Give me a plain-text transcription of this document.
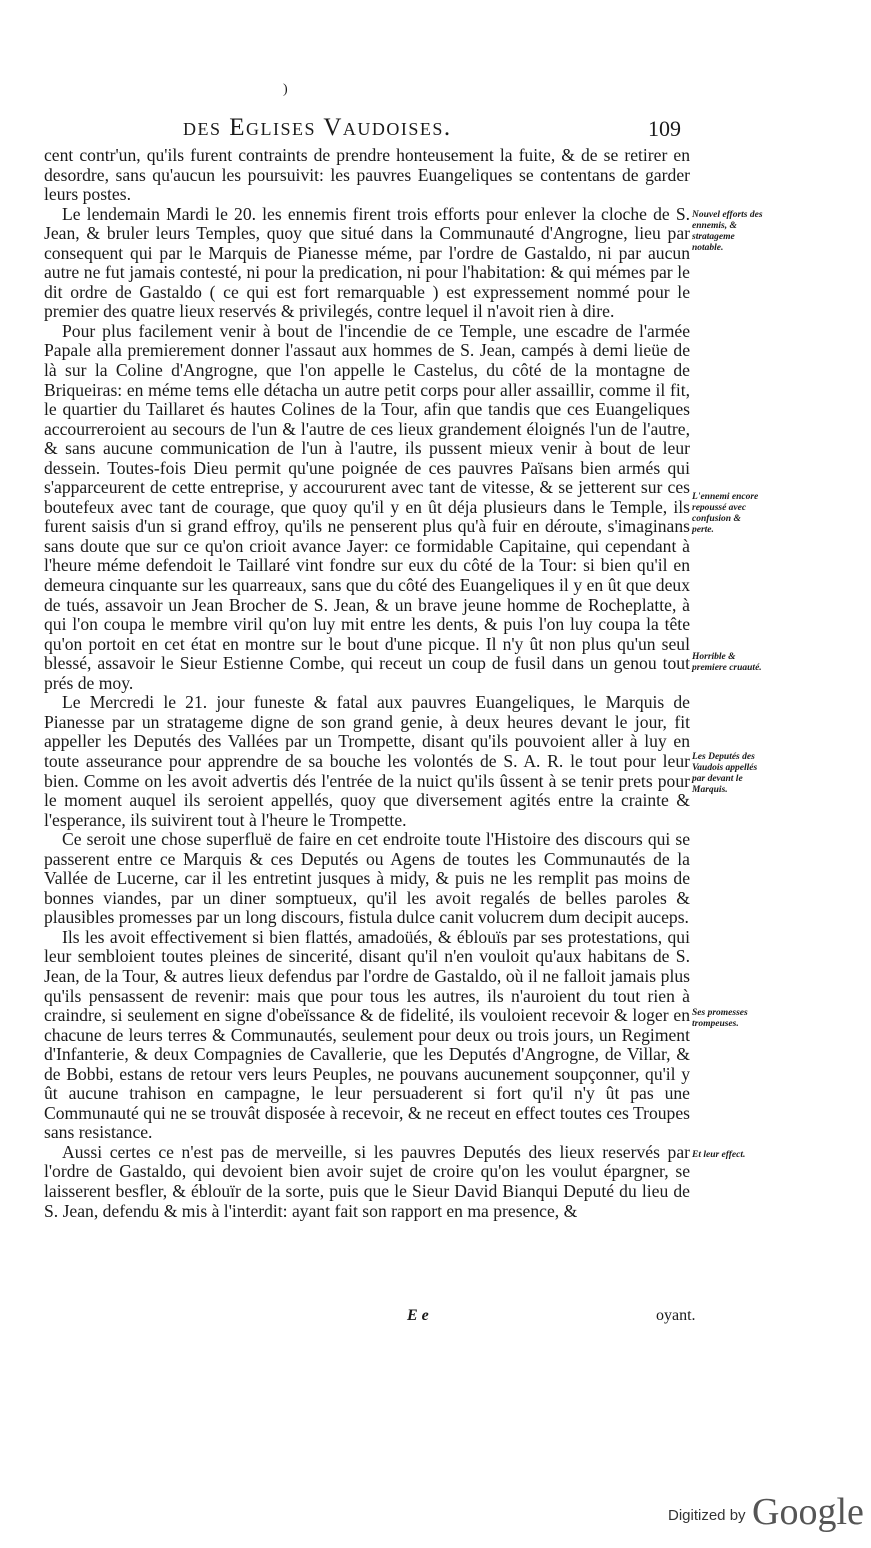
)
des Eglises Vaudoises.	109

cent contr'un, qu'ils furent contraints de prendre honteusement la fuite, & de se retirer en desordre, sans qu'aucun les poursuivit: les pauvres Euangeliques se contentans de garder leurs postes.

Le lendemain Mardi le 20. les ennemis firent trois efforts pour enlever la cloche de S. Jean, & bruler leurs Temples, quoy que situé dans la Communauté d'Angrogne, lieu par consequent qui par le Marquis de Pianesse méme, par l'ordre de Gastaldo, ni par aucun autre ne fut jamais contesté, ni pour la predication, ni pour l'habitation: & qui mémes par le dit ordre de Gastaldo ( ce qui est fort remarquable ) est expressement nommé pour le premier des quatre lieux reservés & privilegés, contre lequel il n'avoit rien à dire.

Pour plus facilement venir à bout de l'incendie de ce Temple, une escadre de l'armée Papale alla premierement donner l'assaut aux hommes de S. Jean, campés à demi lieüe de là sur la Coline d'Angrogne, que l'on appelle le Castelus, du côté de la montagne de Briqueiras: en méme tems elle détacha un autre petit corps pour aller assaillir, comme il fit, le quartier du Taillaret és hautes Colines de la Tour, afin que tandis que ces Euangeliques accourreroient au secours de l'un & l'autre de ces lieux grandement éloignés l'un de l'autre, & sans aucune communication de l'un à l'autre, ils pussent mieux venir à bout de leur dessein. Toutes-fois Dieu permit qu'une poignée de ces pauvres Païsans bien armés qui s'apparceurent de cette entreprise, y accoururent avec tant de vitesse, & se jetterent sur ces boutefeux avec tant de courage, que quoy qu'il y en ût déja plusieurs dans le Temple, ils furent saisis d'un si grand effroy, qu'ils ne penserent plus qu'à fuir en déroute, s'imaginans sans doute que sur ce qu'on crioit avance Jayer: ce formidable Capitaine, qui cependant à l'heure méme defendoit le Taillaré vint fondre sur eux du côté de la Tour: si bien qu'il en demeura cinquante sur les quarreaux, sans que du côté des Euangeliques il y en ût que deux de tués, assavoir un Jean Brocher de S. Jean, & un brave jeune homme de Rocheplatte, à qui l'on coupa le membre viril qu'on luy mit entre les dents, & puis l'on luy coupa la tête qu'on portoit en cet état en montre sur le bout d'une picque. Il n'y ût non plus qu'un seul blessé, assavoir le Sieur Estienne Combe, qui receut un coup de fusil dans un genou tout prés de moy.

Le Mercredi le 21. jour funeste & fatal aux pauvres Euangeliques, le Marquis de Pianesse par un stratageme digne de son grand genie, à deux heures devant le jour, fit appeller les Deputés des Vallées par un Trompette, disant qu'ils pouvoient aller à luy en toute asseurance pour apprendre de sa bouche les volontés de S. A. R. le tout pour leur bien. Comme on les avoit advertis dés l'entrée de la nuict qu'ils ûssent à se tenir prets pour le moment auquel ils seroient appellés, quoy que diversement agités entre la crainte & l'esperance, ils suivirent tout à l'heure le Trompette.

Ce seroit une chose superfluë de faire en cet endroite toute l'Histoire des discours qui se passerent entre ce Marquis & ces Deputés ou Agens de toutes les Communautés de la Vallée de Lucerne, car il les entretint jusques à midy, & puis ne les remplit pas moins de bonnes viandes, par un diner somptueux, qu'il les avoit regalés de belles paroles & plausibles promesses par un long discours, fistula dulce canit volucrem dum decipit auceps.

Ils les avoit effectivement si bien flattés, amadoüés, & éblouïs par ses protestations, qui leur sembloient toutes pleines de sincerité, disant qu'il n'en vouloit qu'aux habitans de S. Jean, de la Tour, & autres lieux defendus par l'ordre de Gastaldo, où il ne falloit jamais plus qu'ils pensassent de revenir: mais que pour tous les autres, ils n'auroient du tout rien à craindre, si seulement en signe d'obeïssance & de fidelité, ils vouloient recevoir & loger en chacune de leurs terres & Communautés, seulement pour deux ou trois jours, un Regiment d'Infanterie, & deux Compagnies de Cavallerie, que les Deputés d'Angrogne, de Villar, & de Bobbi, estans de retour vers leurs Peuples, ne pouvans aucunement soupçonner, qu'il y ût aucune trahison en campagne, le leur persuaderent si fort qu'il n'y ût pas une Communauté qui ne se trouvât disposée à recevoir, & ne receut en effect toutes ces Troupes sans resistance.

Aussi certes ce n'est pas de merveille, si les pauvres Deputés des lieux reservés par l'ordre de Gastaldo, qui devoient bien avoir sujet de croire qu'on les voulut épargner, se laisserent besfler, & éblouïr de la sorte, puis que le Sieur David Bianqui Deputé du lieu de S. Jean, defendu & mis à l'interdit: ayant fait son rapport en ma presence, &

Nouvel efforts des ennemis, & stratageme notable.
L'ennemi encore repoussé avec confusion & perte.
Horrible & premiere cruauté.
Les Deputés des Vaudois appellés par devant le Marquis.
Ses promesses trompeuses.
Et leur effect.
E e	oyant.
Digitized by Google
